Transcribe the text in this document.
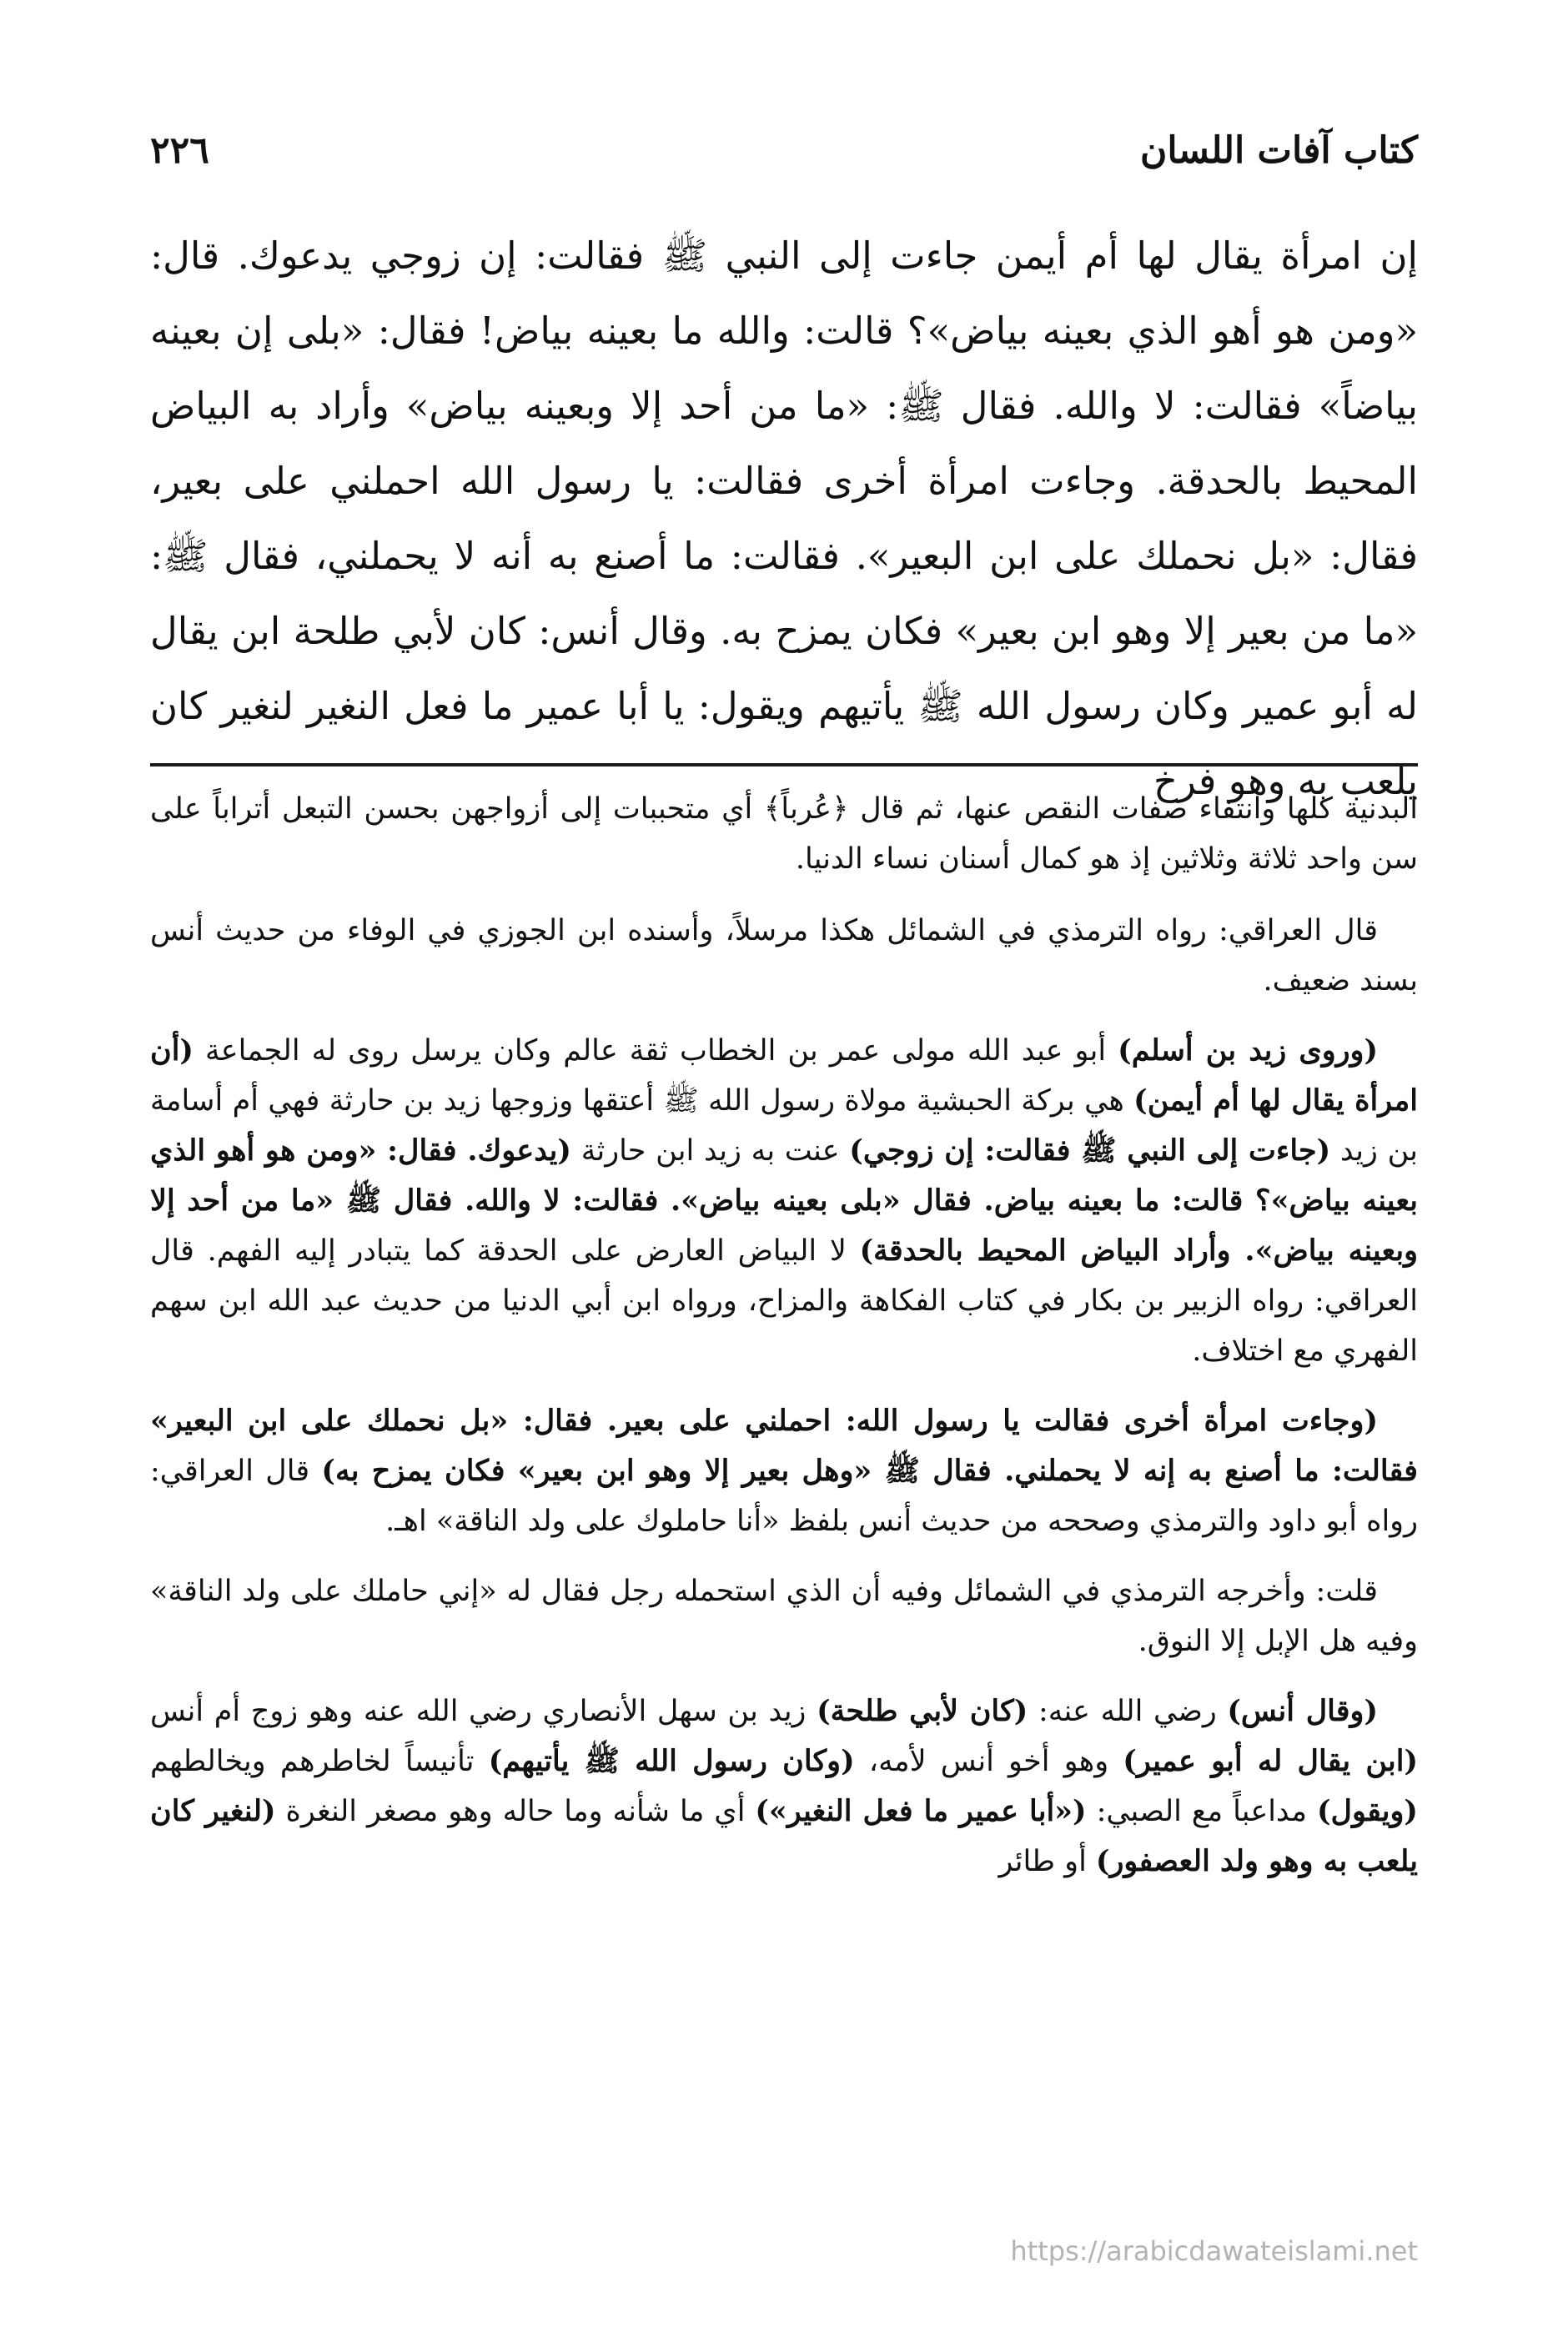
كتاب آفات اللسان
٢٢٦

إن امرأة يقال لها أم أيمن جاءت إلى النبي ﷺ فقالت: إن زوجي يدعوك. قال: «ومن هو أهو الذي بعينه بياض»؟ قالت: والله ما بعينه بياض! فقال: «بلى إن بعينه بياضاً» فقالت: لا والله. فقال ﷺ: «ما من أحد إلا وبعينه بياض» وأراد به البياض المحيط بالحدقة. وجاءت امرأة أخرى فقالت: يا رسول الله احملني على بعير، فقال: «بل نحملك على ابن البعير». فقالت: ما أصنع به أنه لا يحملني، فقال ﷺ: «ما من بعير إلا وهو ابن بعير» فكان يمزح به. وقال أنس: كان لأبي طلحة ابن يقال له أبو عمير وكان رسول الله ﷺ يأتيهم ويقول: يا أبا عمير ما فعل النغير لنغير كان يلعب به وهو فرخ

البدنية كلها وانتفاء صفات النقص عنها، ثم قال ﴿عُرباً﴾ أي متحببات إلى أزواجهن بحسن التبعل أتراباً على سن واحد ثلاثة وثلاثين إذ هو كمال أسنان نساء الدنيا.

قال العراقي: رواه الترمذي في الشمائل هكذا مرسلاً، وأسنده ابن الجوزي في الوفاء من حديث أنس بسند ضعيف.

(وروى زيد بن أسلم) أبو عبد الله مولى عمر بن الخطاب ثقة عالم وكان يرسل روى له الجماعة (أن امرأة يقال لها أم أيمن) هي بركة الحبشية مولاة رسول الله ﷺ أعتقها وزوجها زيد بن حارثة فهي أم أسامة بن زيد (جاءت إلى النبي ﷺ فقالت: إن زوجي) عنت به زيد ابن حارثة (يدعوك. فقال: «ومن هو أهو الذي بعينه بياض»؟ قالت: ما بعينه بياض. فقال «بلى بعينه بياض». فقالت: لا والله. فقال ﷺ «ما من أحد إلا وبعينه بياض». وأراد البياض المحيط بالحدقة) لا البياض العارض على الحدقة كما يتبادر إليه الفهم. قال العراقي: رواه الزبير بن بكار في كتاب الفكاهة والمزاح، ورواه ابن أبي الدنيا من حديث عبد الله ابن سهم الفهري مع اختلاف.

(وجاءت امرأة أخرى فقالت يا رسول الله: احملني على بعير. فقال: «بل نحملك على ابن البعير» فقالت: ما أصنع به إنه لا يحملني. فقال ﷺ «وهل بعير إلا وهو ابن بعير» فكان يمزح به) قال العراقي: رواه أبو داود والترمذي وصححه من حديث أنس بلفظ «أنا حاملوك على ولد الناقة» اهـ.

قلت: وأخرجه الترمذي في الشمائل وفيه أن الذي استحمله رجل فقال له «إني حاملك على ولد الناقة» وفيه هل الإبل إلا النوق.

(وقال أنس) رضي الله عنه: (كان لأبي طلحة) زيد بن سهل الأنصاري رضي الله عنه وهو زوج أم أنس (ابن يقال له أبو عمير) وهو أخو أنس لأمه، (وكان رسول الله ﷺ يأتيهم) تأنيساً لخاطرهم ويخالطهم (ويقول) مداعباً مع الصبي: («أبا عمير ما فعل النغير») أي ما شأنه وما حاله وهو مصغر النغرة (لنغير كان يلعب به وهو ولد العصفور) أو طائر

https://arabicdawateislami.net
